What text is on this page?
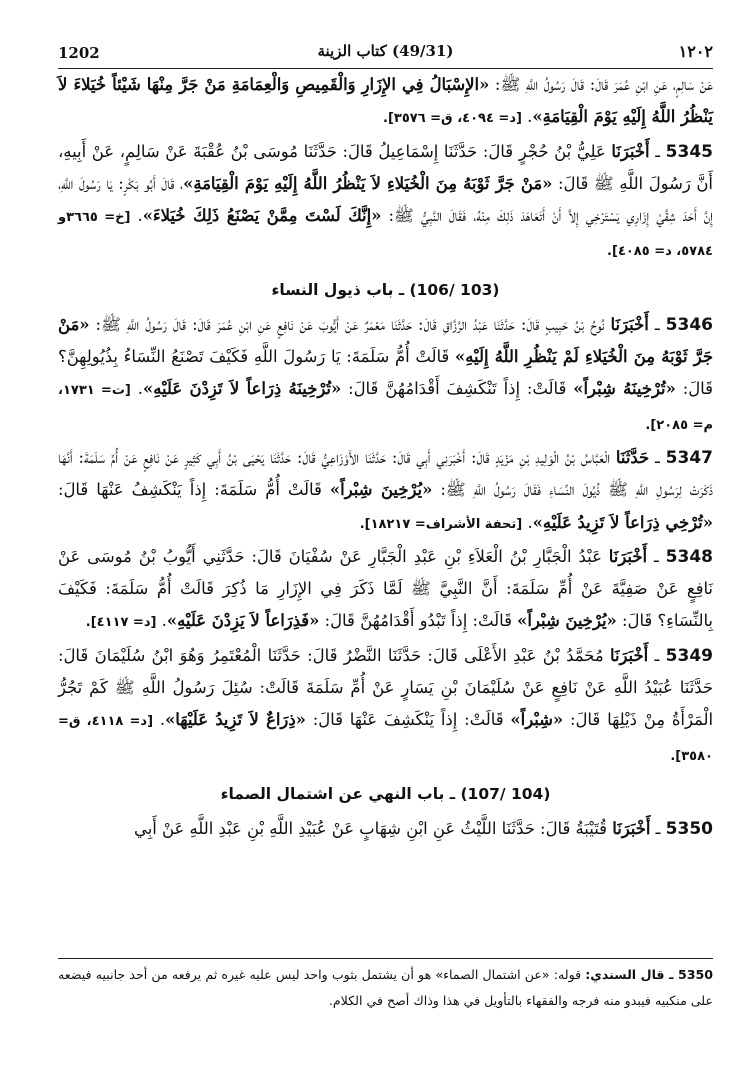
1202	(49/31) كتاب الزينة	١٢٠٢

عَنْ سَالِمٍ، عَنِ ابْنِ عُمَرَ قَالَ: قَالَ رَسُولُ اللَّهِ ﷺ: «الإِسْبَالُ فِي الإِزَارِ وَالْقَمِيصِ وَالْعِمَامَةِ مَنْ جَرَّ مِنْهَا شَيْئاً خُيَلاءَ لاَ يَنْظُرُ اللَّهُ إِلَيْهِ يَوْمَ الْقِيَامَةِ». [د= ٤٠٩٤، ق= ٣٥٧٦].

5345 ـ أَخْبَرَنَا عَلِيُّ بْنُ حُجْرٍ قَالَ: حَدَّثَنَا إِسْمَاعِيلُ قَالَ: حَدَّثَنَا مُوسَى بْنُ عُقْبَةَ عَنْ سَالِمٍ، عَنْ أَبِيهِ، أَنَّ رَسُولَ اللَّهِ ﷺ قَالَ: «مَنْ جَرَّ ثَوْبَهُ مِنَ الْخُيَلاءِ لاَ يَنْظُرُ اللَّهُ إِلَيْهِ يَوْمَ الْقِيَامَةِ»، قَالَ أَبُو بَكْرٍ: يَا رَسُولَ اللَّهِ، إِنَّ أَحَدَ شِقَّيْ إِزَارِي يَسْتَرْخِي إِلاَّ أَنْ أَتَعَاهَدَ ذَلِكَ مِنْهُ، فَقَالَ النَّبِيُّ ﷺ: «إِنَّكَ لَسْتَ مِمَّنْ يَصْنَعُ ذَلِكَ خُيَلاءَ». [خ= ٣٦٦٥و ٥٧٨٤، د= ٤٠٨٥].

(103 /106) ـ باب ذيول النساء

5346 ـ أَخْبَرَنَا نُوحُ بْنُ حَبِيبٍ قَالَ: حَدَّثَنَا عَبْدُ الرَّزَّاقِ قَالَ: حَدَّثَنَا مَعْمَرٌ عَنْ أَيُّوبَ عَنْ نَافِعٍ عَنِ ابْنِ عُمَرَ قَالَ: قَالَ رَسُولُ اللَّهِ ﷺ: «مَنْ جَرَّ ثَوْبَهُ مِنَ الْخُيَلاءِ لَمْ يَنْظُرِ اللَّهُ إِلَيْهِ» قَالَتْ أُمُّ سَلَمَةَ: يَا رَسُولَ اللَّهِ فَكَيْفَ تَصْنَعُ النِّسَاءُ بِذُيُولِهِنَّ؟ قَالَ: «تُرْخِينَهُ شِبْراً» قَالَتْ: إِذاً تَنْكَشِفَ أَقْدَامُهُنَّ قَالَ: «تُرْخِينَهُ ذِرَاعاً لاَ تَزِدْنَ عَلَيْهِ». [ت= ١٧٣١، م= ٢٠٨٥].

5347 ـ حَدَّثَنَا الْعَبَّاسُ بْنُ الْوَلِيدِ بْنِ مَزْيَدٍ قَالَ: أَخْبَرَنِي أَبِي قَالَ: حَدَّثَنَا الأَوْزَاعِيُّ قَالَ: حَدَّثَنَا يَحْيَى بْنُ أَبِي كَثِيرٍ عَنْ نَافِعٍ عَنْ أُمِّ سَلَمَةَ: أَنَّهَا ذَكَرَتْ لِرَسُولِ اللَّهِ ﷺ ذُيُولَ النِّسَاءِ فَقَالَ رَسُولُ اللَّهِ ﷺ: «يُرْخِينَ شِبْراً» قَالَتْ أُمُّ سَلَمَةَ: إِذاً يَنْكَشِفُ عَنْهَا قَالَ: «تُرْخِي ذِرَاعاً لاَ تَزِيدُ عَلَيْهِ». [تحفة الأشراف= ١٨٢١٧].

5348 ـ أَخْبَرَنَا عَبْدُ الْجَبَّارِ بْنُ الْعَلاَءِ بْنِ عَبْدِ الْجَبَّارِ عَنْ سُفْيَانَ قَالَ: حَدَّثَنِي أَيُّوبُ بْنُ مُوسَى عَنْ نَافِعٍ عَنْ صَفِيَّةَ عَنْ أُمِّ سَلَمَةَ: أَنَّ النَّبِيَّ ﷺ لَمَّا ذَكَرَ فِي الإِزَارِ مَا ذُكِرَ قَالَتْ أُمُّ سَلَمَةَ: فَكَيْفَ بِالنِّسَاءِ؟ قَالَ: «يُرْخِينَ شِبْراً» قَالَتْ: إِذاً تَبْدُو أَقْدَامُهُنَّ قَالَ: «فَذِرَاعاً لاَ يَزِدْنَ عَلَيْهِ». [د= ٤١١٧].

5349 ـ أَخْبَرَنَا مُحَمَّدُ بْنُ عَبْدِ الأَعْلَى قَالَ: حَدَّثَنَا النَّضْرُ قَالَ: حَدَّثَنَا الْمُعْتَمِرُ وَهُوَ ابْنُ سُلَيْمَانَ قَالَ: حَدَّثَنَا عُبَيْدُ اللَّهِ عَنْ نَافِعٍ عَنْ سُلَيْمَانَ بْنِ يَسَارٍ عَنْ أُمِّ سَلَمَةَ قَالَتْ: سُئِلَ رَسُولُ اللَّهِ ﷺ كَمْ تَجُرُّ الْمَرْأَةُ مِنْ ذَيْلِهَا قَالَ: «شِبْراً» قَالَتْ: إِذاً يَنْكَشِفَ عَنْهَا قَالَ: «ذِرَاعٌ لاَ تَزِيدُ عَلَيْهَا». [د= ٤١١٨، ق= ٣٥٨٠].

(104 /107) ـ باب النهي عن اشتمال الصماء

5350 ـ أَخْبَرَنَا قُتَيْبَةُ قَالَ: حَدَّثَنَا اللَّيْثُ عَنِ ابْنِ شِهَابٍ عَنْ عُبَيْدِ اللَّهِ بْنِ عَبْدِ اللَّهِ عَنْ أَبِي

5350 ـ قال السندي: قوله: «عن اشتمال الصماء» هو أن يشتمل بثوب واحد ليس عليه غيره ثم يرفعه من أحد جانبيه فيضعه على منكبيه فيبدو منه فرجه والفقهاء بالتأويل في هذا وذاك أصح في الكلام.
